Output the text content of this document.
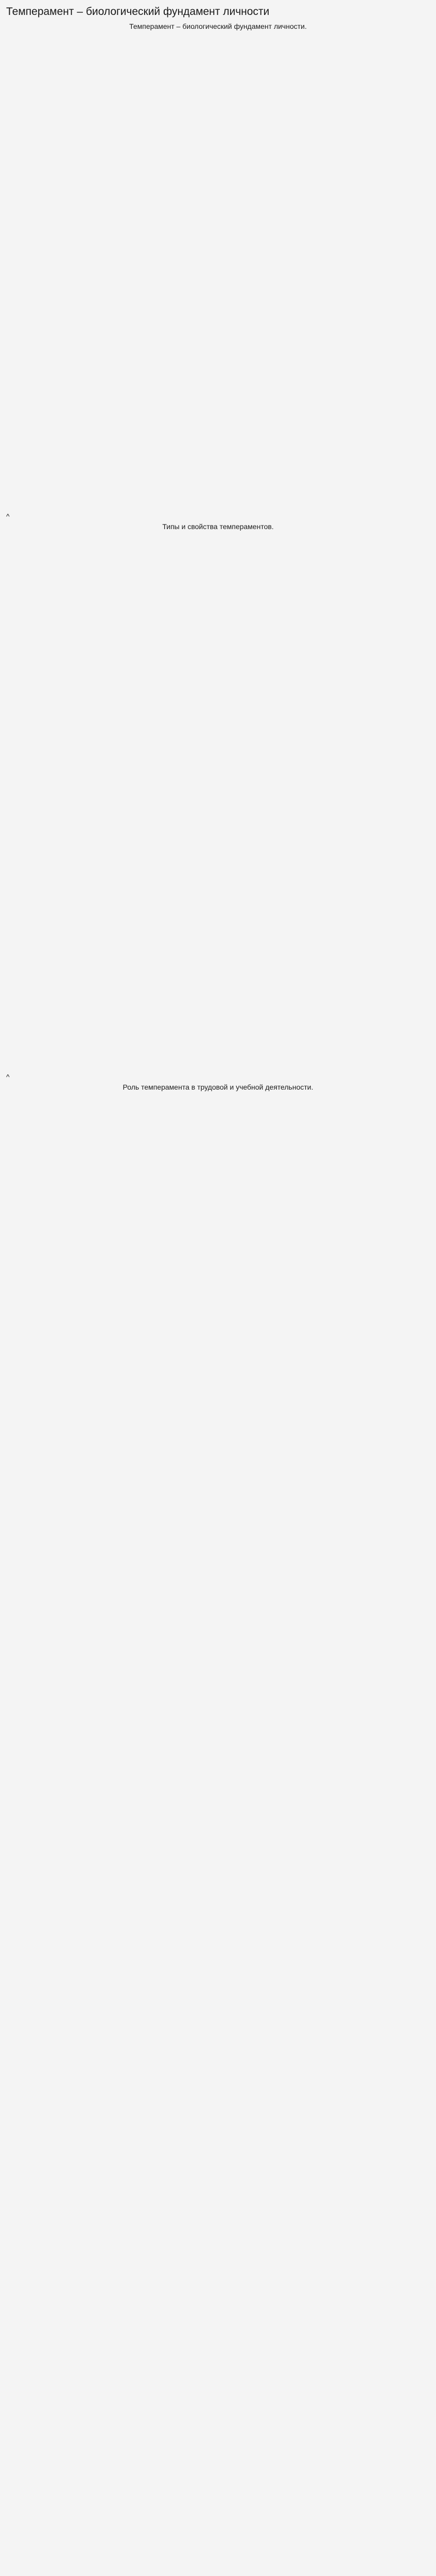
Темперамент – биологический фундамент личности
Темперамент – биологический фундамент личности.

^
Типы и свойства темпераментов.

^
Роль темперамента в трудовой и учебной деятельности.
